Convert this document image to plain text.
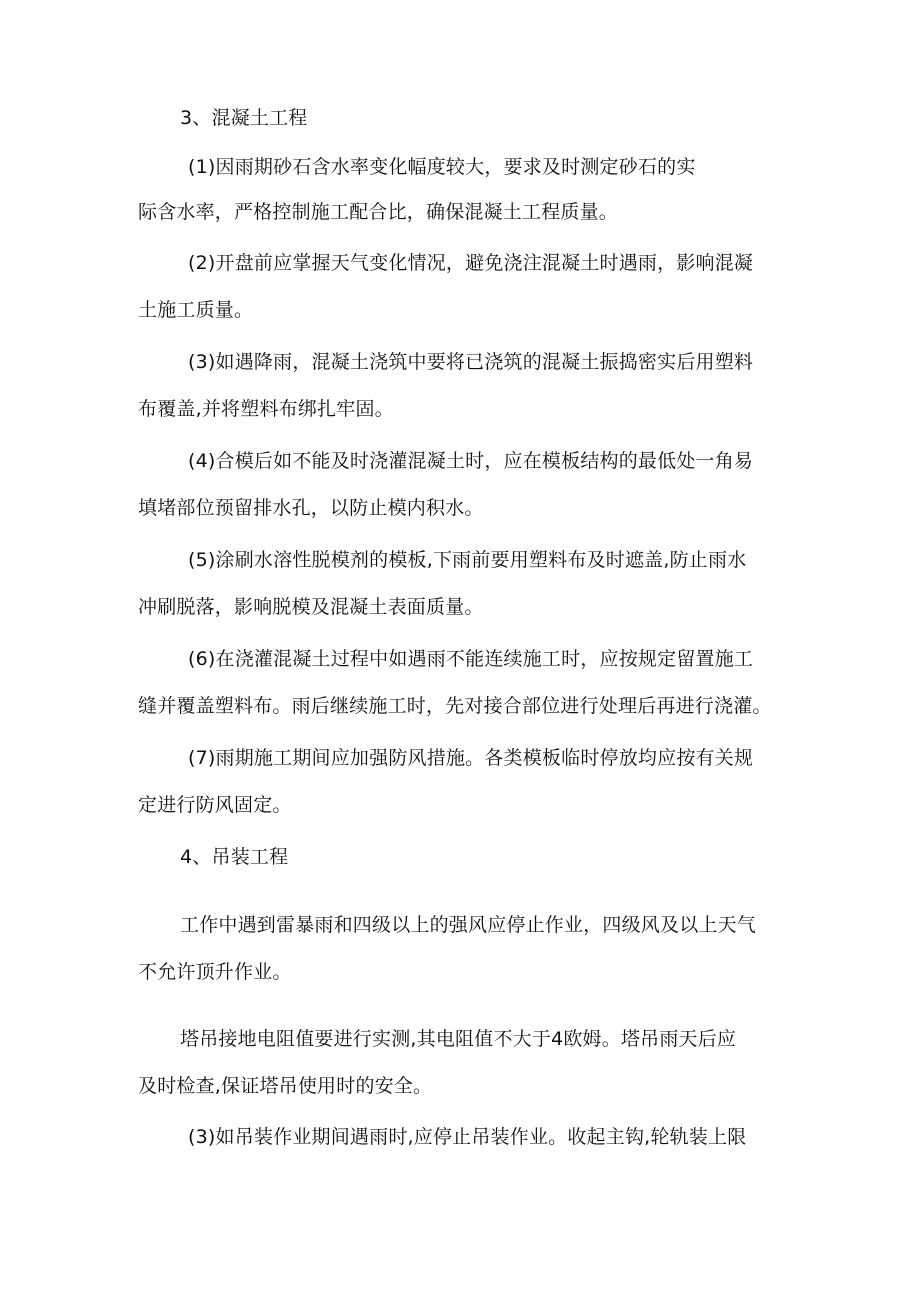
3、混凝土工程
(1)因雨期砂石含水率变化幅度较大，要求及时测定砂石的实
际含水率，严格控制施工配合比，确保混凝土工程质量。
(2)开盘前应掌握天气变化情况，避免浇注混凝土时遇雨，影响混凝
土施工质量。
(3)如遇降雨，混凝土浇筑中要将已浇筑的混凝土振捣密实后用塑料
布覆盖,并将塑料布绑扎牢固。
(4)合模后如不能及时浇灌混凝土时，应在模板结构的最低处一角易
填堵部位预留排水孔，以防止模内积水。
(5)涂刷水溶性脱模剂的模板,下雨前要用塑料布及时遮盖,防止雨水
冲刷脱落，影响脱模及混凝土表面质量。
(6)在浇灌混凝土过程中如遇雨不能连续施工时，应按规定留置施工
缝并覆盖塑料布。雨后继续施工时，先对接合部位进行处理后再进行浇灌。
(7)雨期施工期间应加强防风措施。各类模板临时停放均应按有关规
定进行防风固定。
4、吊装工程
工作中遇到雷暴雨和四级以上的强风应停止作业，四级风及以上天气
不允许顶升作业。
塔吊接地电阻值要进行实测,其电阻值不大于4欧姆。塔吊雨天后应
及时检查,保证塔吊使用时的安全。
(3)如吊装作业期间遇雨时,应停止吊装作业。收起主钩,轮轨装上限
